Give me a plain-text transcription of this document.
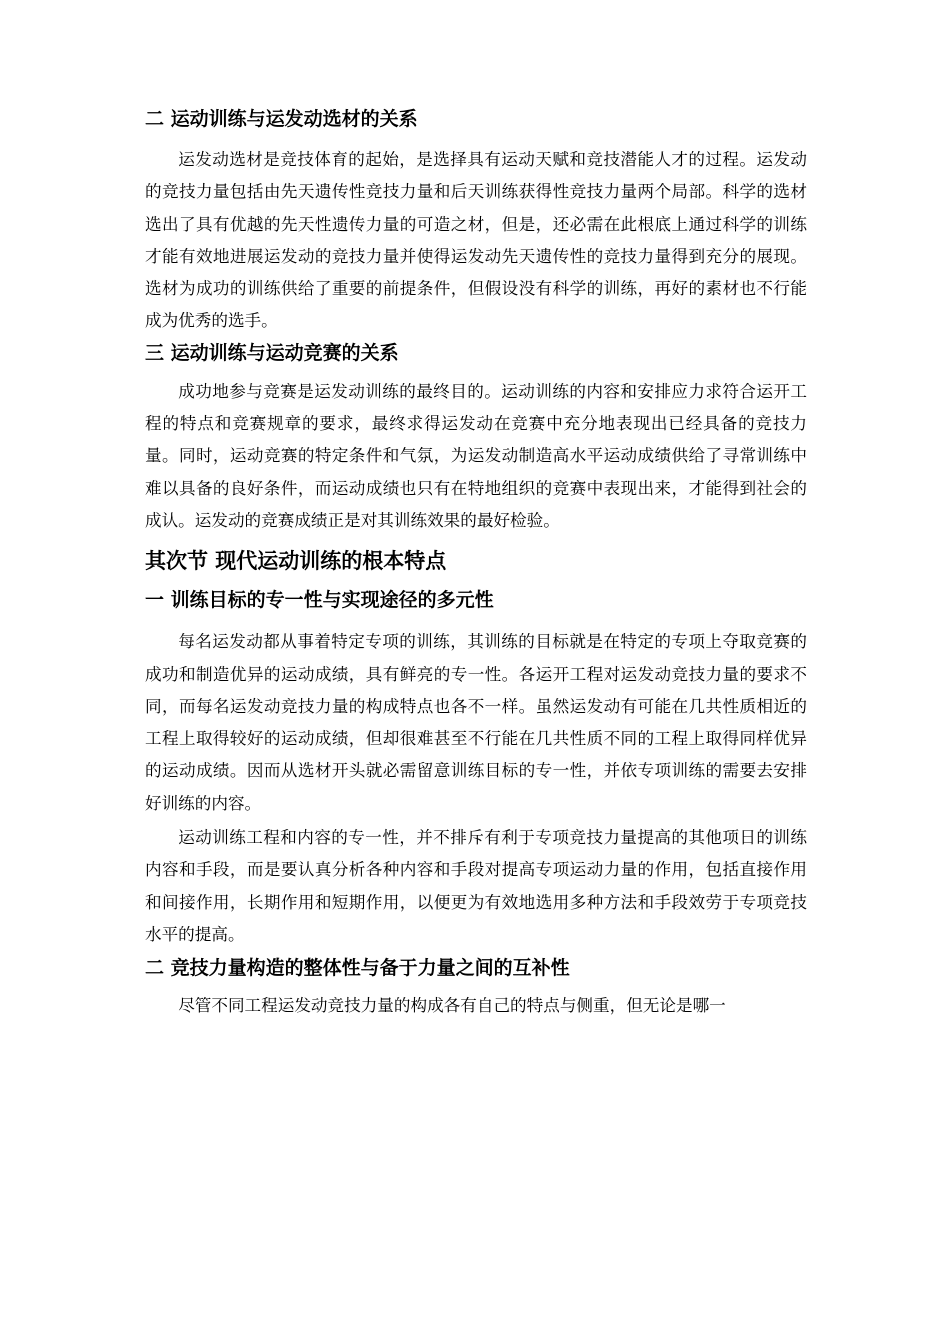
二 运动训练与运发动选材的关系

运发动选材是竞技体育的起始，是选择具有运动天赋和竞技潜能人才的过程。运发动的竞技力量包括由先天遗传性竞技力量和后天训练获得性竞技力量两个局部。科学的选材选出了具有优越的先天性遗传力量的可造之材，但是，还必需在此根底上通过科学的训练才能有效地进展运发动的竞技力量并使得运发动先天遗传性的竞技力量得到充分的展现。选材为成功的训练供给了重要的前提条件，但假设没有科学的训练，再好的素材也不行能成为优秀的选手。

三 运动训练与运动竞赛的关系

成功地参与竞赛是运发动训练的最终目的。运动训练的内容和安排应力求符合运开工程的特点和竞赛规章的要求，最终求得运发动在竞赛中充分地表现出已经具备的竞技力量。同时，运动竞赛的特定条件和气氛，为运发动制造高水平运动成绩供给了寻常训练中难以具备的良好条件，而运动成绩也只有在特地组织的竞赛中表现出来，才能得到社会的成认。运发动的竞赛成绩正是对其训练效果的最好检验。

其次节 现代运动训练的根本特点
一 训练目标的专一性与实现途径的多元性

每名运发动都从事着特定专项的训练，其训练的目标就是在特定的专项上夺取竞赛的成功和制造优异的运动成绩，具有鲜亮的专一性。各运开工程对运发动竞技力量的要求不同，而每名运发动竞技力量的构成特点也各不一样。虽然运发动有可能在几共性质相近的工程上取得较好的运动成绩，但却很难甚至不行能在几共性质不同的工程上取得同样优异的运动成绩。因而从选材开头就必需留意训练目标的专一性，并依专项训练的需要去安排好训练的内容。

运动训练工程和内容的专一性，并不排斥有利于专项竞技力量提高的其他项日的训练内容和手段，而是要认真分析各种内容和手段对提高专项运动力量的作用，包括直接作用和间接作用，长期作用和短期作用，以便更为有效地选用多种方法和手段效劳于专项竞技水平的提高。

二 竞技力量构造的整体性与备于力量之间的互补性

尽管不同工程运发动竞技力量的构成各有自己的特点与侧重，但无论是哪一
